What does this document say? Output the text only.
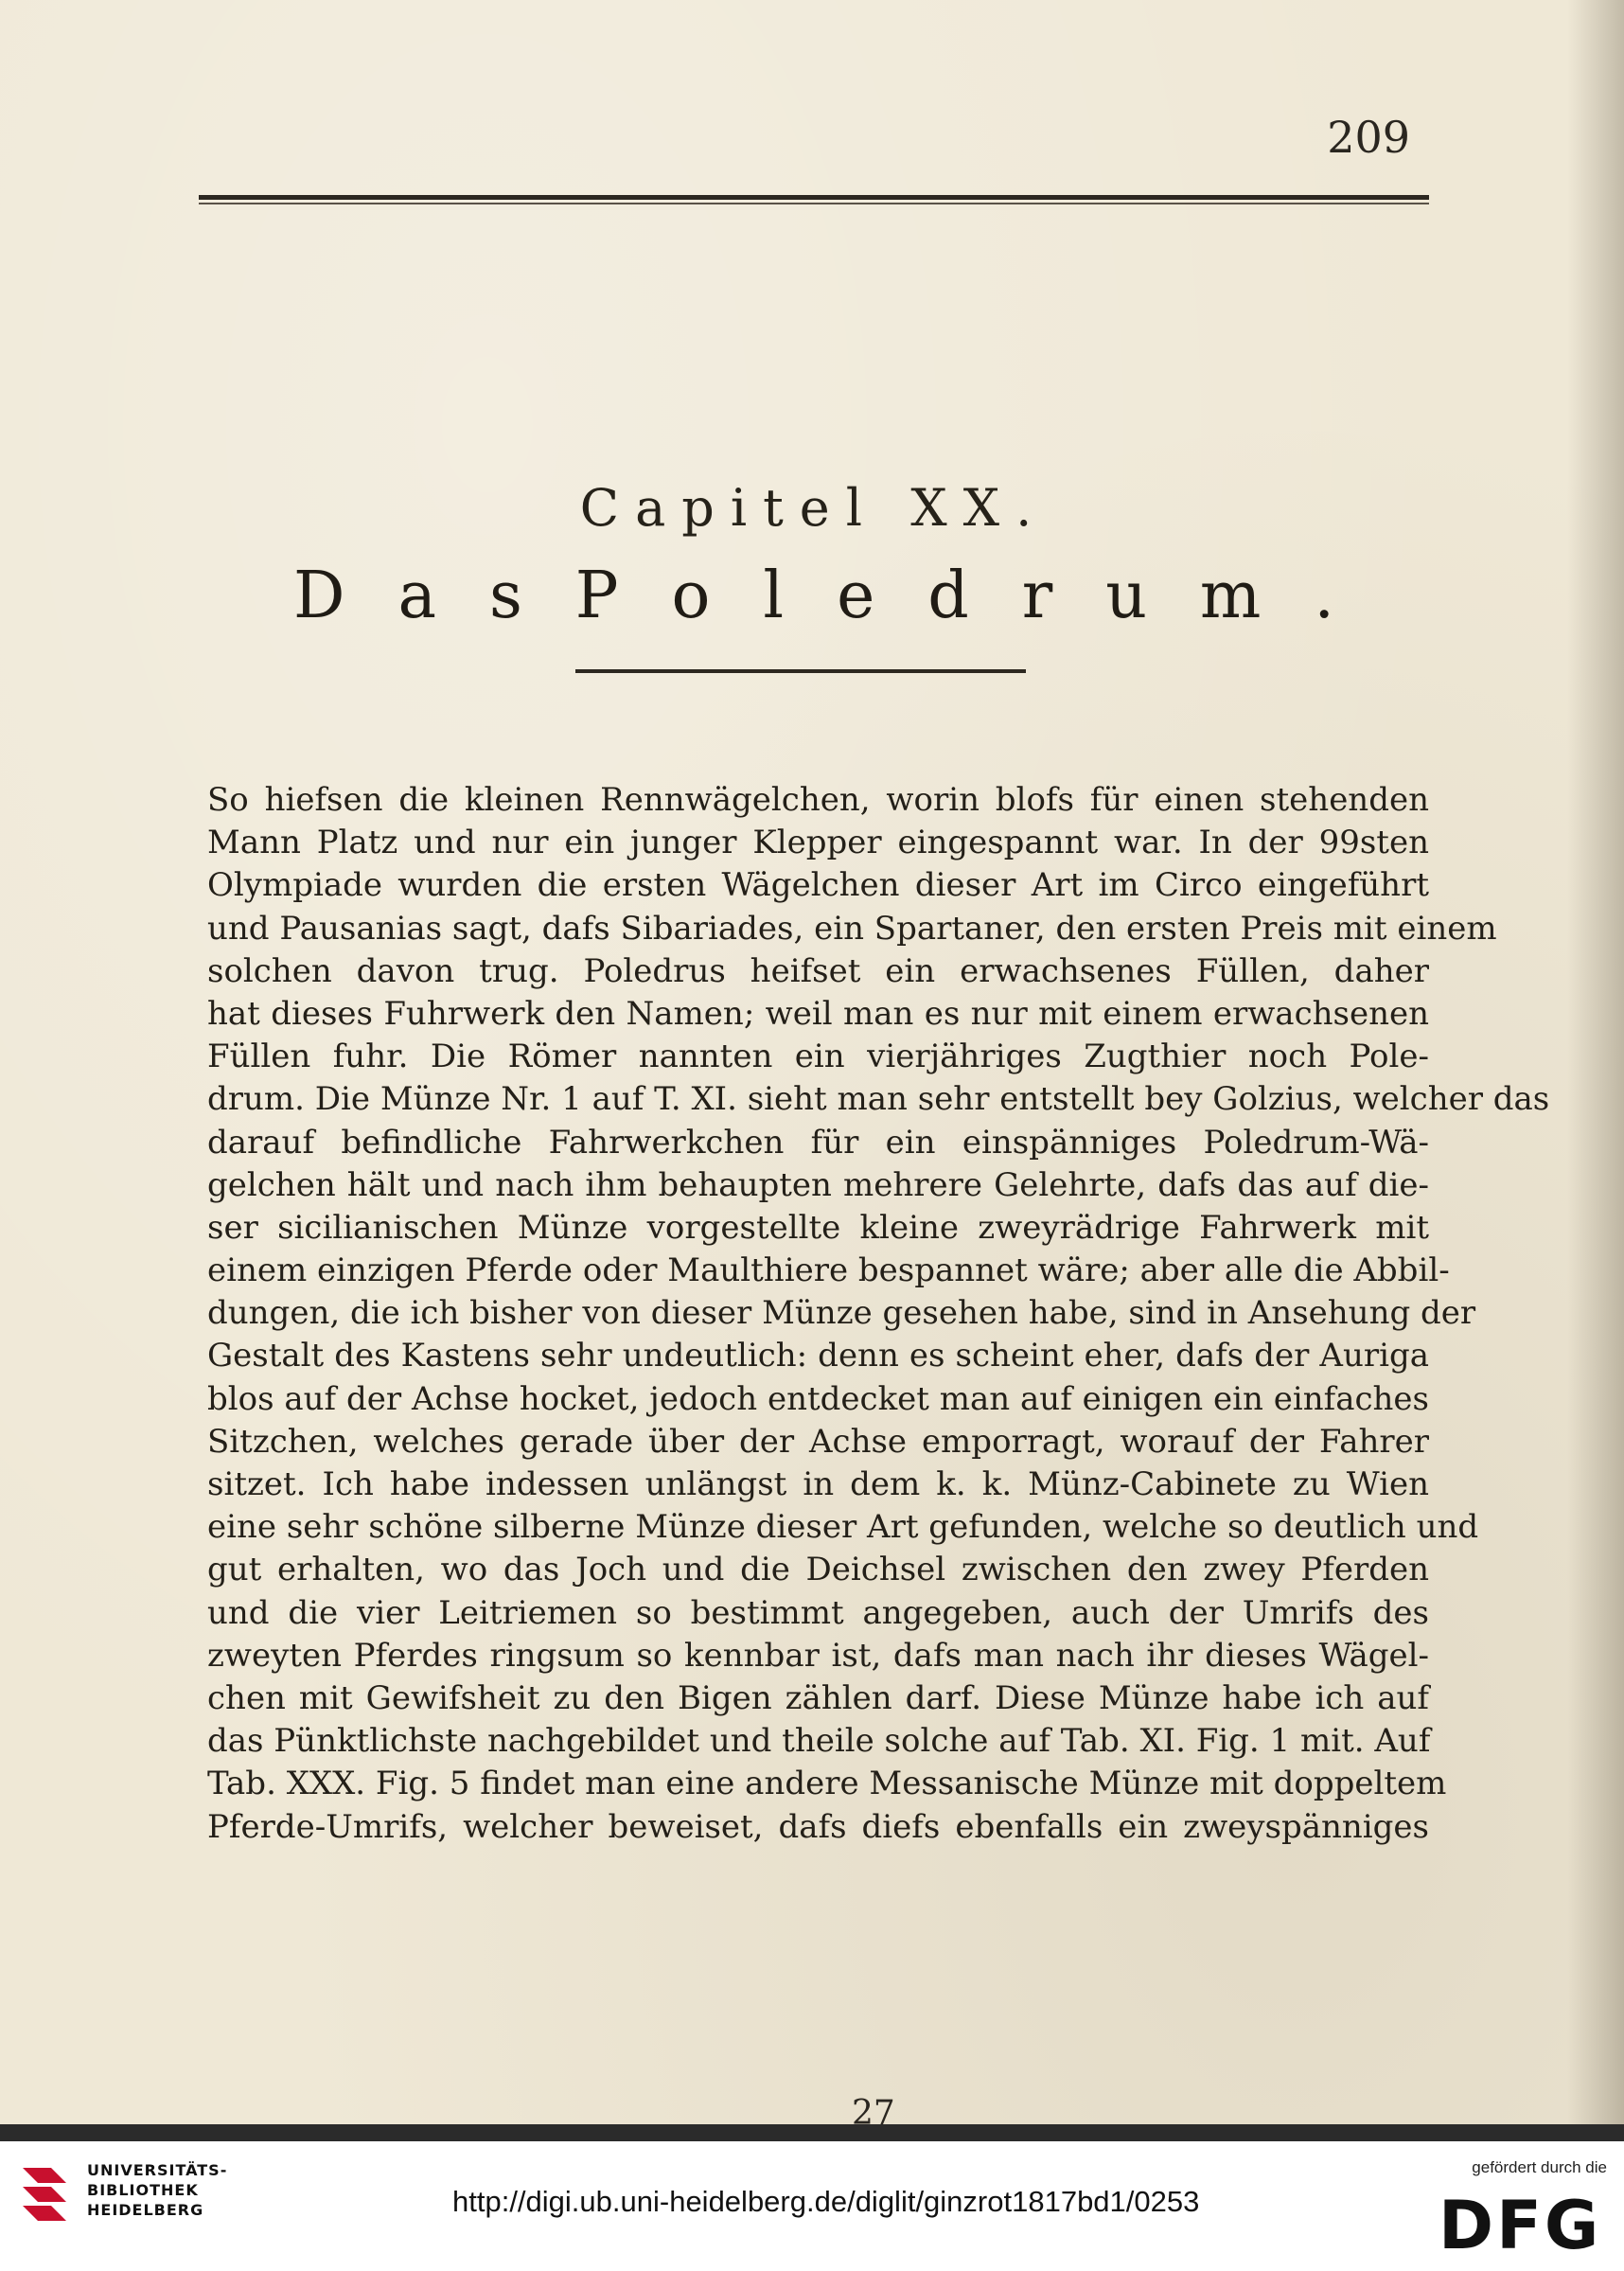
209
Capitel XX.
D a s P o l e d r u m .
So hiefsen die kleinen Rennwägelchen, worin blofs für einen stehenden
Mann Platz und nur ein junger Klepper eingespannt war. In der 99sten
Olympiade wurden die ersten Wägelchen dieser Art im Circo eingeführt
und Pausanias sagt, dafs Sibariades, ein Spartaner, den ersten Preis mit einem
solchen davon trug. Poledrus heifset ein erwachsenes Füllen, daher
hat dieses Fuhrwerk den Namen; weil man es nur mit einem erwachsenen
Füllen fuhr. Die Römer nannten ein vierjähriges Zugthier noch Pole-
drum. Die Münze Nr. 1 auf T. XI. sieht man sehr entstellt bey Golzius, welcher das
darauf befindliche Fahrwerkchen für ein einspänniges Poledrum-Wä-
gelchen hält und nach ihm behaupten mehrere Gelehrte, dafs das auf die-
ser sicilianischen Münze vorgestellte kleine zweyrädrige Fahrwerk mit
einem einzigen Pferde oder Maulthiere bespannet wäre; aber alle die Abbil-
dungen, die ich bisher von dieser Münze gesehen habe, sind in Ansehung der
Gestalt des Kastens sehr undeutlich: denn es scheint eher, dafs der Auriga
blos auf der Achse hocket, jedoch entdecket man auf einigen ein einfaches
Sitzchen, welches gerade über der Achse emporragt, worauf der Fahrer
sitzet. Ich habe indessen unlängst in dem k. k. Münz-Cabinete zu Wien
eine sehr schöne silberne Münze dieser Art gefunden, welche so deutlich und
gut erhalten, wo das Joch und die Deichsel zwischen den zwey Pferden
und die vier Leitriemen so bestimmt angegeben, auch der Umrifs des
zweyten Pferdes ringsum so kennbar ist, dafs man nach ihr dieses Wägel-
chen mit Gewifsheit zu den Bigen zählen darf. Diese Münze habe ich auf
das Pünktlichste nachgebildet und theile solche auf Tab. XI. Fig. 1 mit. Auf
Tab. XXX. Fig. 5 findet man eine andere Messanische Münze mit doppeltem
Pferde-Umrifs, welcher beweiset, dafs diefs ebenfalls ein zweyspänniges
27
UNIVERSITÄTS-
BIBLIOTHEK
HEIDELBERG	http://digi.ub.uni-heidelberg.de/diglit/ginzrot1817bd1/0253
gefördert durch die
DFG
